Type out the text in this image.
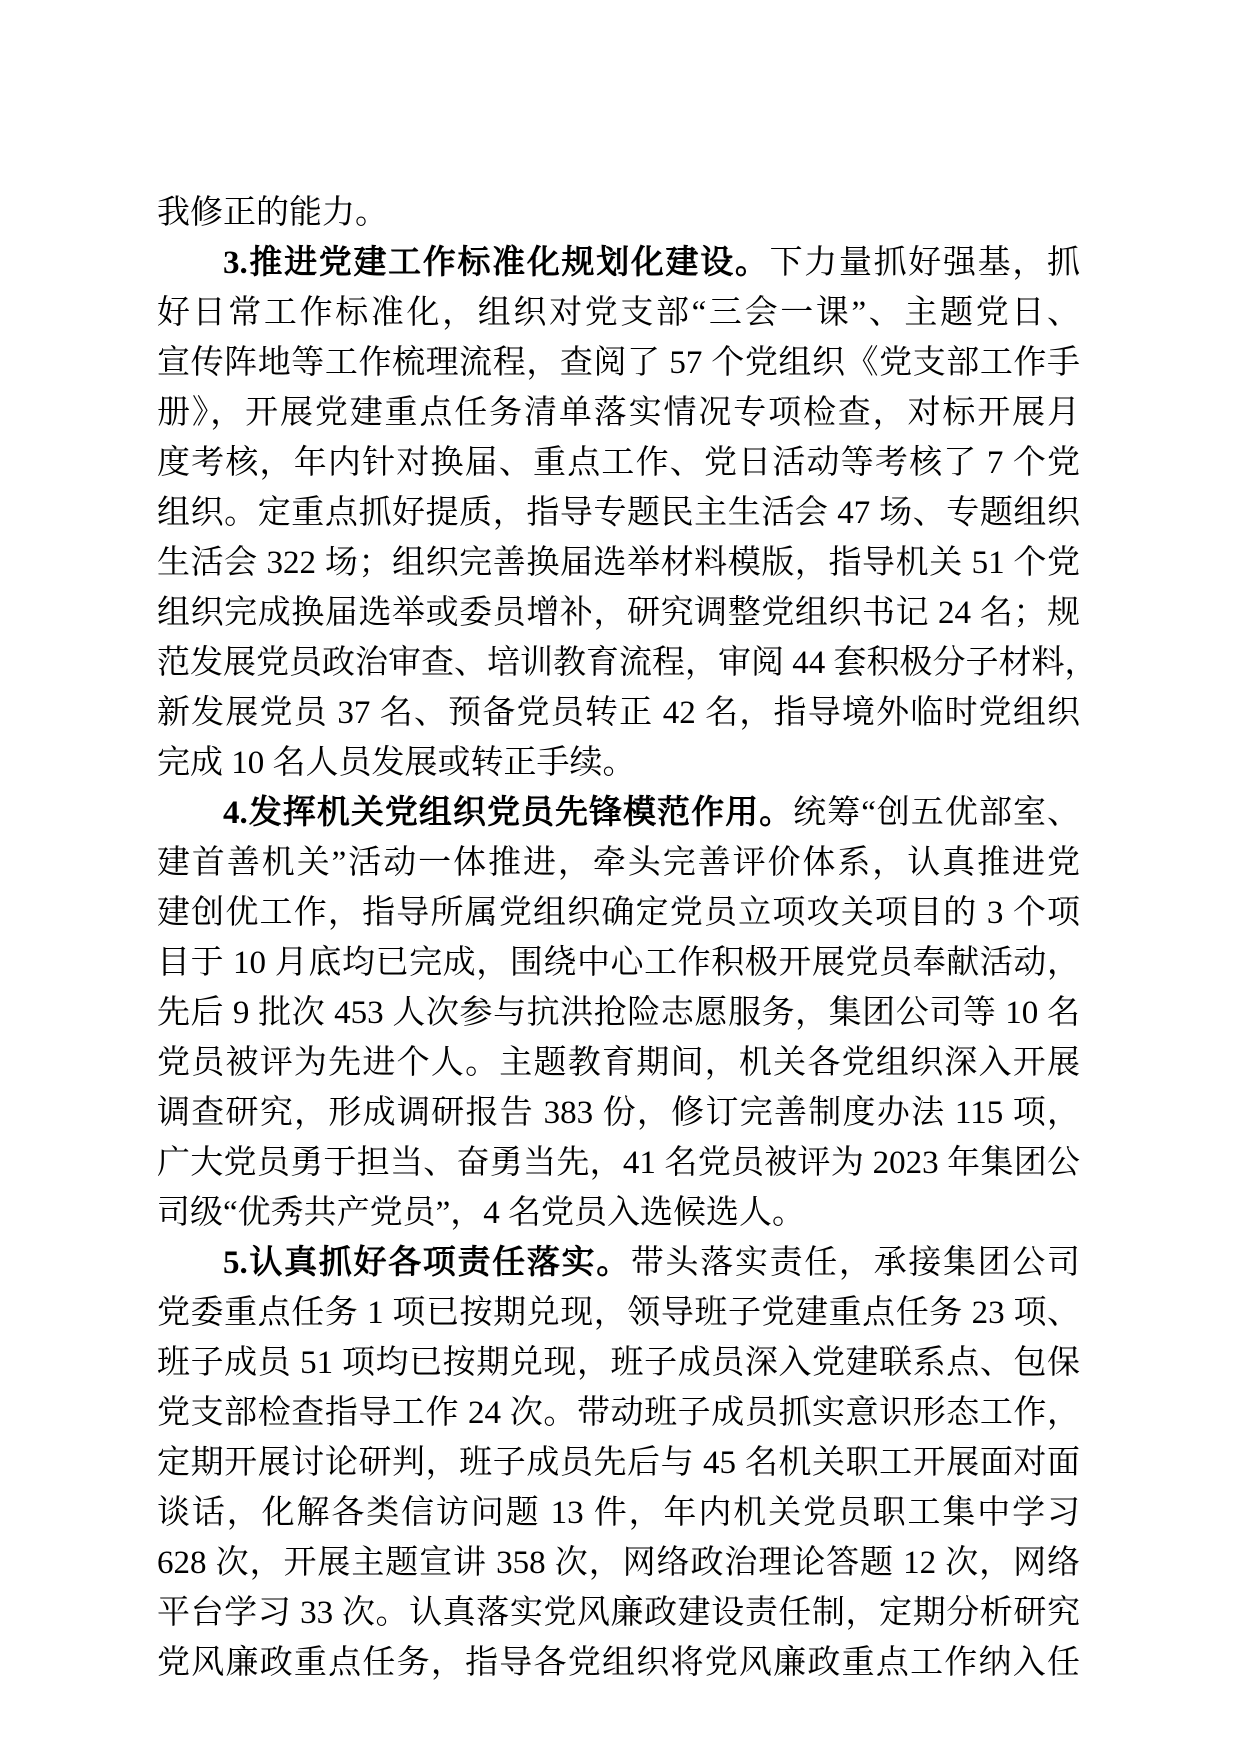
我修正的能力。
3.推进党建工作标准化规划化建设。下力量抓好强基，抓
好日常工作标准化，组织对党支部“三会一课”、主题党日、
宣传阵地等工作梳理流程，查阅了 57 个党组织《党支部工作手
册》，开展党建重点任务清单落实情况专项检查，对标开展月
度考核，年内针对换届、重点工作、党日活动等考核了 7 个党
组织。定重点抓好提质，指导专题民主生活会 47 场、专题组织
生活会 322 场；组织完善换届选举材料模版，指导机关 51 个党
组织完成换届选举或委员增补，研究调整党组织书记 24 名；规
范发展党员政治审查、培训教育流程，审阅 44 套积极分子材料，
新发展党员 37 名、预备党员转正 42 名，指导境外临时党组织
完成 10 名人员发展或转正手续。
4.发挥机关党组织党员先锋模范作用。统筹“创五优部室、
建首善机关”活动一体推进，牵头完善评价体系，认真推进党
建创优工作，指导所属党组织确定党员立项攻关项目的 3 个项
目于 10 月底均已完成，围绕中心工作积极开展党员奉献活动，
先后 9 批次 453 人次参与抗洪抢险志愿服务，集团公司等 10 名
党员被评为先进个人。主题教育期间，机关各党组织深入开展
调查研究，形成调研报告 383 份，修订完善制度办法 115 项，
广大党员勇于担当、奋勇当先，41 名党员被评为 2023 年集团公
司级“优秀共产党员”，4 名党员入选候选人。
5.认真抓好各项责任落实。带头落实责任，承接集团公司
党委重点任务 1 项已按期兑现，领导班子党建重点任务 23 项、
班子成员 51 项均已按期兑现，班子成员深入党建联系点、包保
党支部检查指导工作 24 次。带动班子成员抓实意识形态工作，
定期开展讨论研判，班子成员先后与 45 名机关职工开展面对面
谈话，化解各类信访问题 13 件，年内机关党员职工集中学习
628 次，开展主题宣讲 358 次，网络政治理论答题 12 次，网络
平台学习 33 次。认真落实党风廉政建设责任制，定期分析研究
党风廉政重点任务，指导各党组织将党风廉政重点工作纳入任
